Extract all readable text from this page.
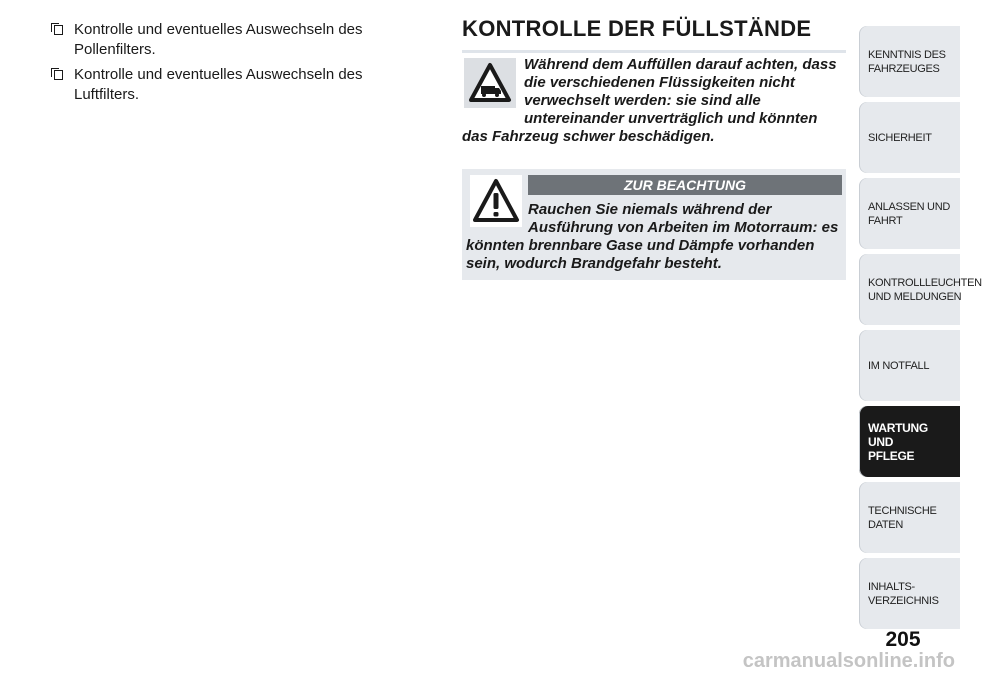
Kontrolle und eventuelles Auswechseln des Pollenfilters.
Kontrolle und eventuelles Auswechseln des Luftfilters.
KONTROLLE DER FÜLLSTÄNDE
Während dem Auffüllen darauf achten, dass die verschiedenen Flüssigkeiten nicht verwechselt werden: sie sind alle untereinander unverträglich und könnten das Fahrzeug schwer beschädigen.
ZUR BEACHTUNG
Rauchen Sie niemals während der Ausführung von Arbeiten im Motorraum: es könnten brennbare Gase und Dämpfe vorhanden sein, wodurch Brandgefahr besteht.
KENNTNIS DES
FAHRZEUGES
SICHERHEIT
ANLASSEN UND
FAHRT
KONTROLLLEUCHTEN
UND MELDUNGEN
IM NOTFALL
WARTUNG UND
PFLEGE
TECHNISCHE DATEN
INHALTS-
VERZEICHNIS
205
carmanualsonline.info
